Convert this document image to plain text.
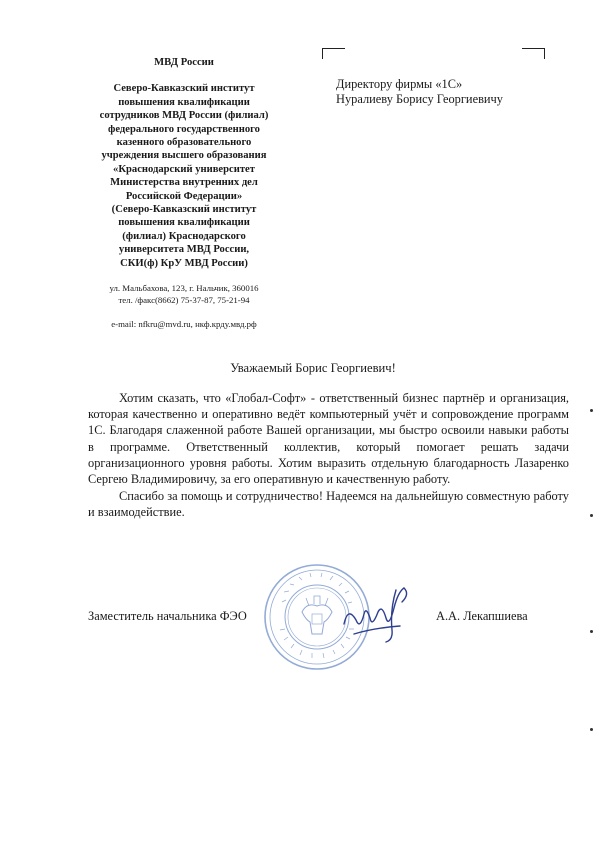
МВД России
Северо-Кавказский институт
повышения квалификации
сотрудников МВД России (филиал)
федерального государственного
казенного образовательного
учреждения высшего образования
«Краснодарский университет
Министерства внутренних дел
Российской Федерации»
(Северо-Кавказский институт
повышения квалификации
(филиал) Краснодарского
университета МВД России,
СКИ(ф) КрУ МВД России)
ул. Мальбахова, 123, г. Нальчик, 360016
тел. /факс(8662) 75-37-87, 75-21-94
e-mail: nfkru@mvd.ru, нкф.крду.мвд.рф
Директору фирмы «1С»
Нуралиеву Борису Георгиевичу
Уважаемый Борис Георгиевич!

Хотим сказать, что «Глобал-Софт» - ответственный бизнес партнёр и организация, которая качественно и оперативно ведёт компьютерный учёт и сопровождение программ 1С. Благодаря слаженной работе Вашей организации, мы быстро освоили навыки работы в программе. Ответственный коллектив, который помогает решать задачи организационного уровня работы. Хотим выразить отдельную благодарность Лазаренко Сергею Владимировичу, за его оперативную и качественную работу.

Спасибо за помощь и сотрудничество! Надеемся на дальнейшую совместную работу и взаимодействие.

Заместитель начальника ФЭО	А.А. Лекапшиева
